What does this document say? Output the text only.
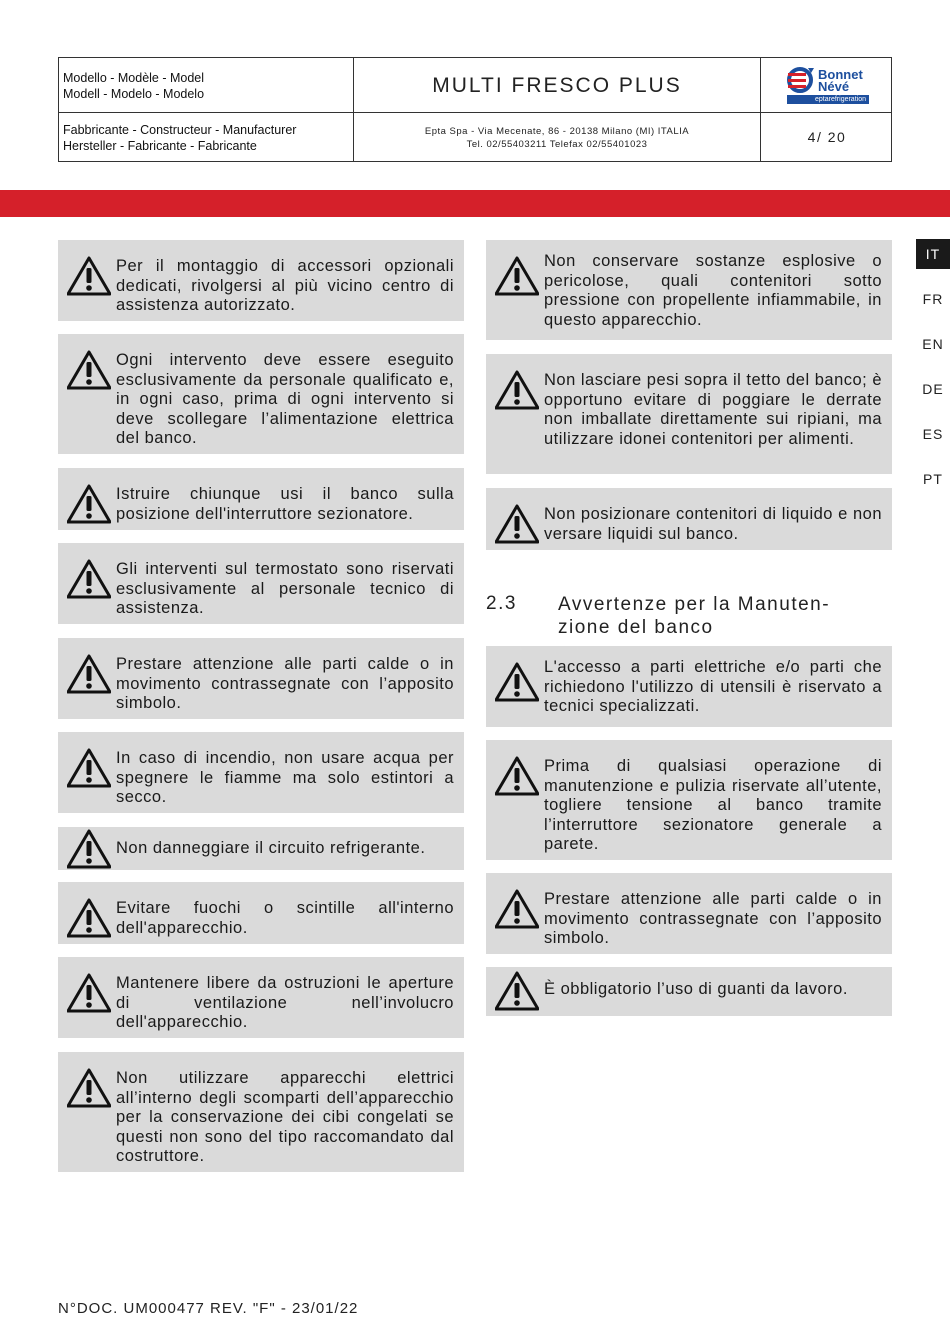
Modello - Modèle - Model
Modell - Modelo - Modelo	MULTI FRESCO PLUS
Fabbricante - Constructeur - Manufacturer
Hersteller - Fabricante - Fabricante
Epta Spa - Via Mecenate, 86 - 20138 Milano (MI) ITALIA
Tel. 02/55403211 Telefax 02/55401023	4/ 20
Bonnet
Névé
eptarefrigeration
IT
FR
EN
DE
ES
PT
Per il montaggio di accessori opzionali dedicati, rivolgersi al più vicino centro di assistenza autorizzato.
Ogni intervento deve essere eseguito esclusivamente da personale qualificato e, in ogni caso, prima di ogni intervento si deve scollegare l’alimentazione elettrica del banco.
Istruire chiunque usi il banco sulla posizione dell'interruttore sezionatore.
Gli interventi sul termostato sono riservati esclusivamente al personale tecnico di assistenza.
Prestare attenzione alle parti calde o in movimento contrassegnate con l’apposito simbolo.
In caso di incendio, non usare acqua per spegnere le fiamme ma solo estintori a secco.
Non danneggiare il circuito refrigerante.
Evitare fuochi o scintille all'interno dell'apparecchio.
Mantenere libere da ostruzioni le aperture di ventilazione nell’involucro dell'apparecchio.
Non utilizzare apparecchi elettrici all’interno degli scomparti dell’apparecchio per la conservazione dei cibi congelati se questi non sono del tipo raccomandato dal costruttore.
Non conservare sostanze esplosive o pericolose, quali contenitori sotto pressione con propellente infiammabile, in questo apparecchio.
Non lasciare pesi sopra il tetto del banco; è opportuno evitare di poggiare le derrate non imballate direttamente sui ripiani, ma utilizzare idonei contenitori per alimenti.
Non posizionare contenitori di liquido e non versare liquidi sul banco.
2.3 Avvertenze per la Manuten- zione del banco
L'accesso a parti elettriche e/o parti che richiedono l'utilizzo di utensili è riservato a tecnici specializzati.
Prima di qualsiasi operazione di manutenzione e pulizia riservate all’utente, togliere tensione al banco tramite l’interruttore sezionatore generale a parete.
Prestare attenzione alle parti calde o in movimento contrassegnate con l’apposito simbolo.
È obbligatorio l’uso di guanti da lavoro.
N°DOC. UM000477 REV. "F" - 23/01/22
